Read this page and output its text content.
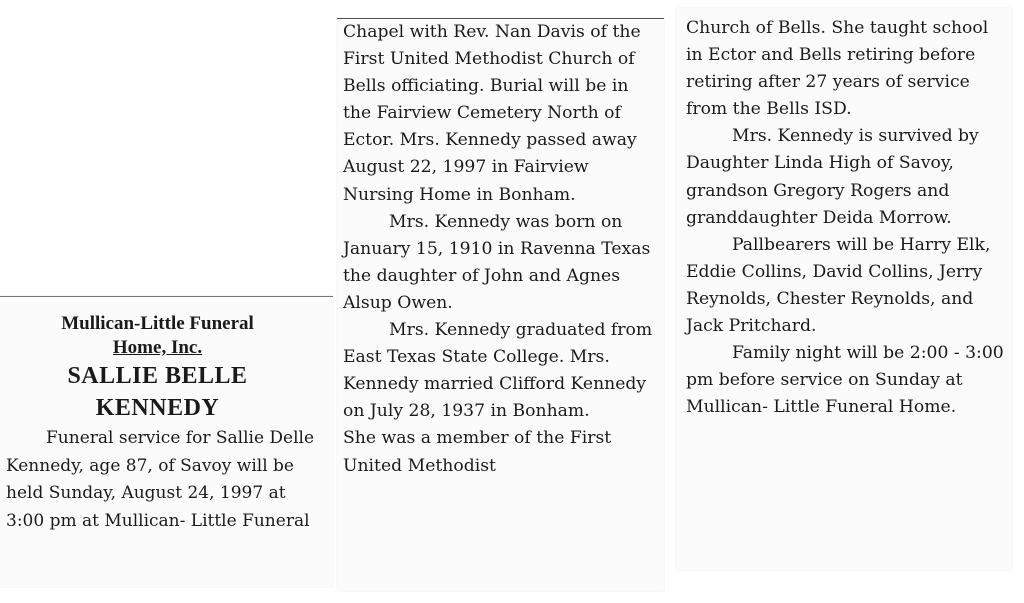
Mullican-Little Funeral
Home, Inc.
SALLIE BELLE
KENNEDY

Funeral service for Sallie Delle Kennedy, age 87, of Savoy will be held Sunday, August 24, 1997 at 3:00 pm at Mullican- Little Funeral

Chapel with Rev. Nan Davis of the First United Methodist Church of Bells officiating. Burial will be in the Fairview Cemetery North of Ector. Mrs. Kennedy passed away August 22, 1997 in Fairview Nursing Home in Bonham.

Mrs. Kennedy was born on January 15, 1910 in Ravenna Texas the daughter of John and Agnes Alsup Owen.

Mrs. Kennedy graduated from East Texas State College. Mrs. Kennedy married Clifford Kennedy on July 28, 1937 in Bonham.

She was a member of the First United Methodist

Church of Bells. She taught school in Ector and Bells retiring before retiring after 27 years of service from the Bells ISD.

Mrs. Kennedy is survived by Daughter Linda High of Savoy, grandson Gregory Rogers and granddaughter Deida Morrow.

Pallbearers will be Harry Elk, Eddie Collins, David Collins, Jerry Reynolds, Chester Reynolds, and Jack Pritchard.

Family night will be 2:00 - 3:00 pm before service on Sunday at Mullican- Little Funeral Home.
